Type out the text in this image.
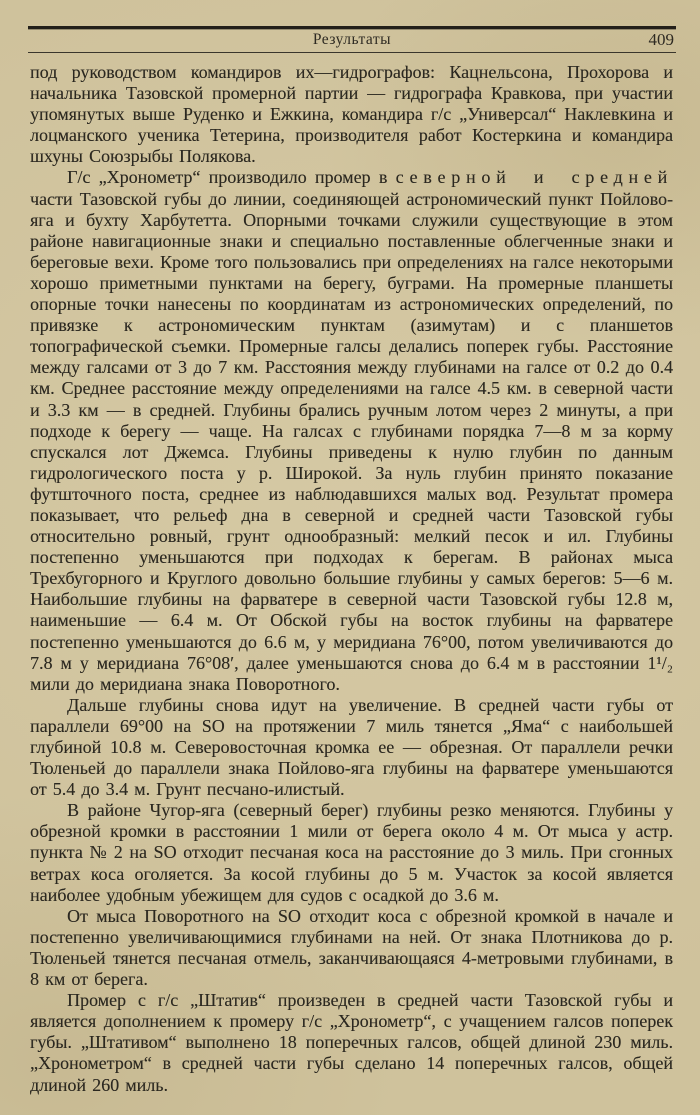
Результаты	409

под руководством командиров их—гидрографов: Кацнельсона, Прохорова и начальника Тазовской промерной партии — гидрографа Кравкова, при участии упомянутых выше Руденко и Ежкина, командира г/с „Универсал“ Наклевкина и лоцманского ученика Тетерина, производителя работ Костеркина и командира шхуны Союзрыбы Полякова.

Г/с „Хронометр“ производило промер в северной и средней части Тазовской губы до линии, соединяющей астрономический пункт Пойлово-яга и бухту Харбутетта. Опорными точками служили существующие в этом районе навигационные знаки и специально поставленные облегченные знаки и береговые вехи. Кроме того пользовались при определениях на галсе некоторыми хорошо приметными пунктами на берегу, буграми. На промерные планшеты опорные точки нанесены по координатам из астрономических определений, по привязке к астрономическим пунктам (азимутам) и с планшетов топографической съемки. Промерные галсы делались поперек губы. Расстояние между галсами от 3 до 7 км. Расстояния между глубинами на галсе от 0.2 до 0.4 км. Среднее расстояние между определениями на галсе 4.5 км. в северной части и 3.3 км — в средней. Глубины брались ручным лотом через 2 минуты, а при подходе к берегу — чаще. На галсах с глубинами порядка 7—8 м за корму спускался лот Джемса. Глубины приведены к нулю глубин по данным гидрологического поста у р. Широкой. За нуль глубин принято показание футшточного поста, среднее из наблюдавшихся малых вод. Результат промера показывает, что рельеф дна в северной и средней части Тазовской губы относительно ровный, грунт однообразный: мелкий песок и ил. Глубины постепенно уменьшаются при подходах к берегам. В районах мыса Трехбугорного и Круглого довольно большие глубины у самых берегов: 5—6 м. Наибольшие глубины на фарватере в северной части Тазовской губы 12.8 м, наименьшие — 6.4 м. От Обской губы на восток глубины на фарватере постепенно уменьшаются до 6.6 м, у меридиана 76°00, потом увеличиваются до 7.8 м у меридиана 76°08′, далее уменьшаются снова до 6.4 м в расстоянии 1¹/₂ мили до меридиана знака Поворотного.

Дальше глубины снова идут на увеличение. В средней части губы от параллели 69°00 на SO на протяжении 7 миль тянется „Яма“ с наибольшей глубиной 10.8 м. Северовосточная кромка ее — обрезная. От параллели речки Тюленьей до параллели знака Пойлово-яга глубины на фарватере уменьшаются от 5.4 до 3.4 м. Грунт песчано-илистый.

В районе Чугор-яга (северный берег) глубины резко меняются. Глубины у обрезной кромки в расстоянии 1 мили от берега около 4 м. От мыса у астр. пункта № 2 на SO отходит песчаная коса на расстояние до 3 миль. При сгонных ветрах коса оголяется. За косой глубины до 5 м. Участок за косой является наиболее удобным убежищем для судов с осадкой до 3.6 м.

От мыса Поворотного на SO отходит коса с обрезной кромкой в начале и постепенно увеличивающимися глубинами на ней. От знака Плотникова до р. Тюленьей тянется песчаная отмель, заканчивающаяся 4-метровыми глубинами, в 8 км от берега.

Промер с г/с „Штатив“ произведен в средней части Тазовской губы и является дополнением к промеру г/с „Хронометр“, с учащением галсов поперек губы. „Штативом“ выполнено 18 поперечных галсов, общей длиной 230 миль. „Хронометром“ в средней части губы сделано 14 поперечных галсов, общей длиной 260 миль.
